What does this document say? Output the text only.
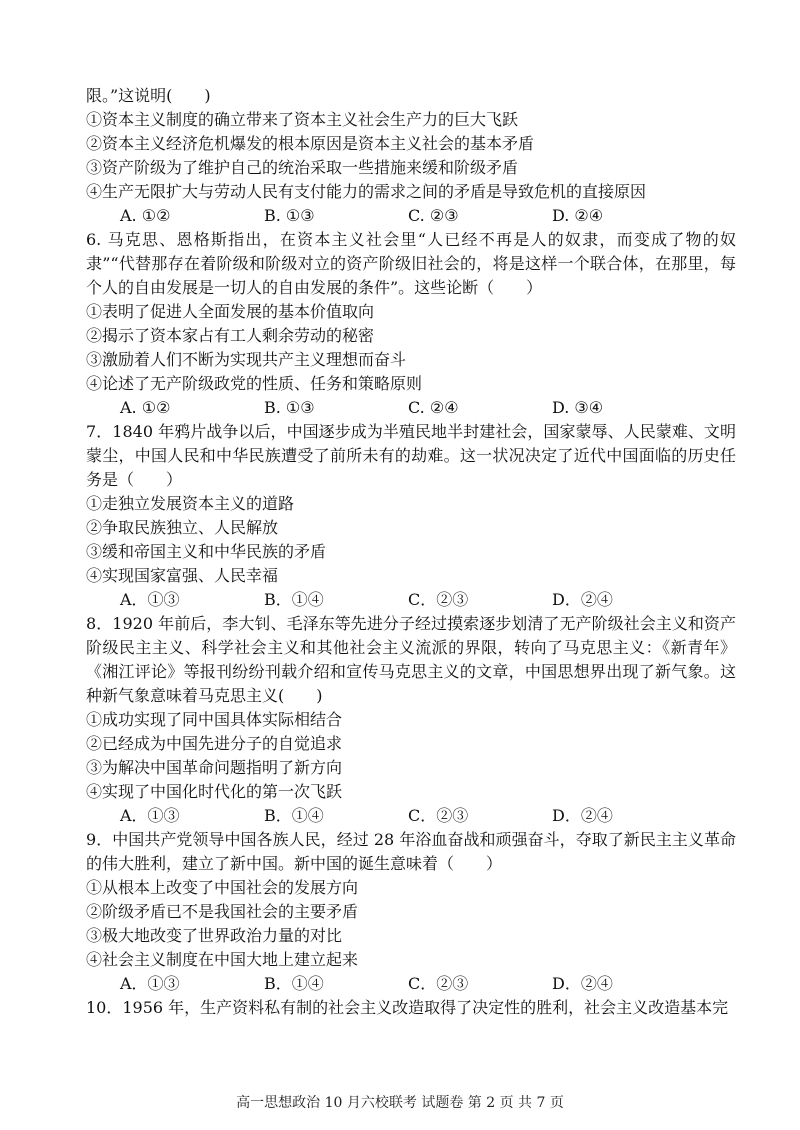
限。”这说明(　　)
①资本主义制度的确立带来了资本主义社会生产力的巨大飞跃
②资本主义经济危机爆发的根本原因是资本主义社会的基本矛盾
③资产阶级为了维护自己的统治采取一些措施来缓和阶级矛盾
④生产无限扩大与劳动人民有支付能力的需求之间的矛盾是导致危机的直接原因
A. ①②	B. ①③	C. ②③	D. ②④
6. 马克思、恩格斯指出，在资本主义社会里“人已经不再是人的奴隶，而变成了物的奴隶”“代替那存在着阶级和阶级对立的资产阶级旧社会的，将是这样一个联合体，在那里，每个人的自由发展是一切人的自由发展的条件”。这些论断（　　）
①表明了促进人全面发展的基本价值取向
②揭示了资本家占有工人剩余劳动的秘密
③激励着人们不断为实现共产主义理想而奋斗
④论述了无产阶级政党的性质、任务和策略原则
A. ①②	B. ①③	C. ②④	D. ③④
7．1840 年鸦片战争以后，中国逐步成为半殖民地半封建社会，国家蒙辱、人民蒙难、文明蒙尘，中国人民和中华民族遭受了前所未有的劫难。这一状况决定了近代中国面临的历史任务是（　　）
①走独立发展资本主义的道路
②争取民族独立、人民解放
③缓和帝国主义和中华民族的矛盾
④实现国家富强、人民幸福
A．①③	B．①④	C．②③	D．②④
8．1920 年前后，李大钊、毛泽东等先进分子经过摸索逐步划清了无产阶级社会主义和资产阶级民主主义、科学社会主义和其他社会主义流派的界限，转向了马克思主义：《新青年》《湘江评论》等报刊纷纷刊载介绍和宣传马克思主义的文章，中国思想界出现了新气象。这种新气象意味着马克思主义(　　)
①成功实现了同中国具体实际相结合
②已经成为中国先进分子的自觉追求
③为解决中国革命问题指明了新方向
④实现了中国化时代化的第一次飞跃
A．①③	B．①④	C．②③	D．②④
9．中国共产党领导中国各族人民，经过 28 年浴血奋战和顽强奋斗，夺取了新民主主义革命的伟大胜利，建立了新中国。新中国的诞生意味着（　　）
①从根本上改变了中国社会的发展方向
②阶级矛盾已不是我国社会的主要矛盾
③极大地改变了世界政治力量的对比
④社会主义制度在中国大地上建立起来
A．①③	B．①④	C．②③	D．②④
10．1956 年，生产资料私有制的社会主义改造取得了决定性的胜利，社会主义改造基本完
高一思想政治 10 月六校联考 试题卷 第 2 页 共 7 页
